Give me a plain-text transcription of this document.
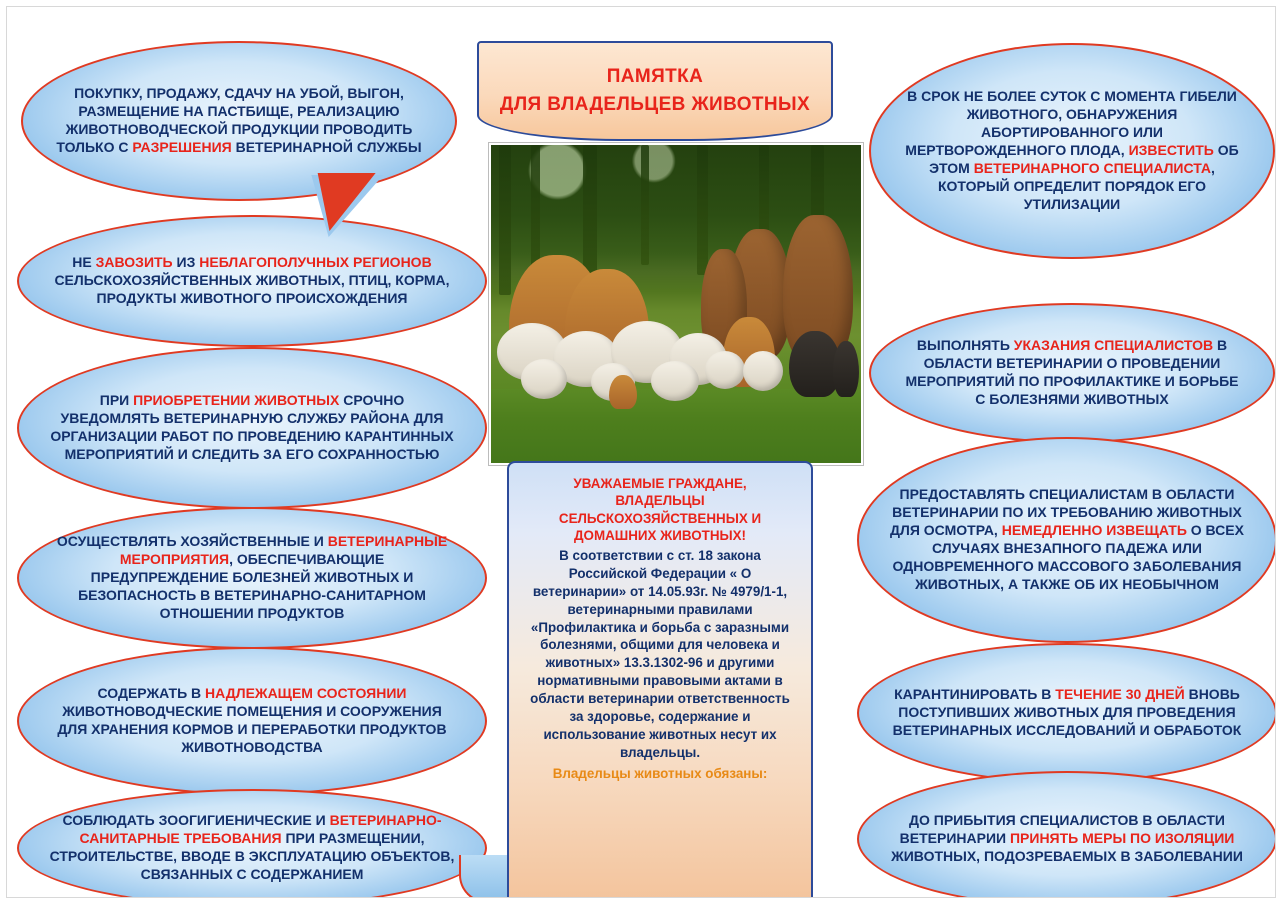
ПОКУПКУ, ПРОДАЖУ, СДАЧУ НА УБОЙ, ВЫГОН, РАЗМЕЩЕНИЕ НА ПАСТБИЩЕ, РЕАЛИЗАЦИЮ ЖИВОТНОВОДЧЕСКОЙ ПРОДУКЦИИ ПРОВОДИТЬ ТОЛЬКО С РАЗРЕШЕНИЯ ВЕТЕРИНАРНОЙ СЛУЖБЫ
НЕ ЗАВОЗИТЬ ИЗ НЕБЛАГОПОЛУЧНЫХ РЕГИОНОВ СЕЛЬСКОХОЗЯЙСТВЕННЫХ ЖИВОТНЫХ, ПТИЦ, КОРМА, ПРОДУКТЫ ЖИВОТНОГО ПРОИСХОЖДЕНИЯ
ПРИ ПРИОБРЕТЕНИИ ЖИВОТНЫХ СРОЧНО УВЕДОМЛЯТЬ ВЕТЕРИНАРНУЮ СЛУЖБУ РАЙОНА ДЛЯ ОРГАНИЗАЦИИ РАБОТ ПО ПРОВЕДЕНИЮ КАРАНТИННЫХ МЕРОПРИЯТИЙ И СЛЕДИТЬ ЗА ЕГО СОХРАННОСТЬЮ
ОСУЩЕСТВЛЯТЬ ХОЗЯЙСТВЕННЫЕ И ВЕТЕРИНАРНЫЕ МЕРОПРИЯТИЯ, ОБЕСПЕЧИВАЮЩИЕ ПРЕДУПРЕЖДЕНИЕ БОЛЕЗНЕЙ ЖИВОТНЫХ И БЕЗОПАСНОСТЬ В ВЕТЕРИНАРНО-САНИТАРНОМ ОТНОШЕНИИ ПРОДУКТОВ
СОДЕРЖАТЬ В НАДЛЕЖАЩЕМ СОСТОЯНИИ ЖИВОТНОВОДЧЕСКИЕ ПОМЕЩЕНИЯ И СООРУЖЕНИЯ ДЛЯ ХРАНЕНИЯ КОРМОВ И ПЕРЕРАБОТКИ ПРОДУКТОВ ЖИВОТНОВОДСТВА
СОБЛЮДАТЬ ЗООГИГИЕНИЧЕСКИЕ И ВЕТЕРИНАРНО-САНИТАРНЫЕ ТРЕБОВАНИЯ ПРИ РАЗМЕЩЕНИИ, СТРОИТЕЛЬСТВЕ, ВВОДЕ В ЭКСПЛУАТАЦИЮ ОБЪЕКТОВ, СВЯЗАННЫХ С СОДЕРЖАНИЕМ
ПАМЯТКА
ДЛЯ ВЛАДЕЛЬЦЕВ ЖИВОТНЫХ
УВАЖАЕМЫЕ ГРАЖДАНЕ,
ВЛАДЕЛЬЦЫ
СЕЛЬСКОХОЗЯЙСТВЕННЫХ И
ДОМАШНИХ ЖИВОТНЫХ!
В соответствии с ст. 18 закона Российской Федерации « О ветеринарии» от 14.05.93г. № 4979/1-1, ветеринарными правилами «Профилактика и борьба с заразными болезнями, общими для человека и животных» 13.3.1302-96 и другими нормативными правовыми актами в области ветеринарии ответственность за здоровье, содержание и использование животных несут их владельцы.
Владельцы животных обязаны:
В СРОК НЕ БОЛЕЕ СУТОК С МОМЕНТА ГИБЕЛИ ЖИВОТНОГО, ОБНАРУЖЕНИЯ АБОРТИРОВАННОГО ИЛИ МЕРТВОРОЖДЕННОГО ПЛОДА, ИЗВЕСТИТЬ ОБ ЭТОМ ВЕТЕРИНАРНОГО СПЕЦИАЛИСТА, КОТОРЫЙ ОПРЕДЕЛИТ ПОРЯДОК ЕГО УТИЛИЗАЦИИ
ВЫПОЛНЯТЬ УКАЗАНИЯ СПЕЦИАЛИСТОВ В ОБЛАСТИ ВЕТЕРИНАРИИ О ПРОВЕДЕНИИ МЕРОПРИЯТИЙ ПО ПРОФИЛАКТИКЕ И БОРЬБЕ С БОЛЕЗНЯМИ ЖИВОТНЫХ
ПРЕДОСТАВЛЯТЬ СПЕЦИАЛИСТАМ В ОБЛАСТИ ВЕТЕРИНАРИИ ПО ИХ ТРЕБОВАНИЮ ЖИВОТНЫХ ДЛЯ ОСМОТРА, НЕМЕДЛЕННО ИЗВЕЩАТЬ О ВСЕХ СЛУЧАЯХ ВНЕЗАПНОГО ПАДЕЖА ИЛИ ОДНОВРЕМЕННОГО МАССОВОГО ЗАБОЛЕВАНИЯ ЖИВОТНЫХ, А ТАКЖЕ ОБ ИХ НЕОБЫЧНОМ
КАРАНТИНИРОВАТЬ В ТЕЧЕНИЕ 30 ДНЕЙ ВНОВЬ ПОСТУПИВШИХ ЖИВОТНЫХ ДЛЯ ПРОВЕДЕНИЯ ВЕТЕРИНАРНЫХ ИССЛЕДОВАНИЙ И ОБРАБОТОК
ДО ПРИБЫТИЯ СПЕЦИАЛИСТОВ В ОБЛАСТИ ВЕТЕРИНАРИИ ПРИНЯТЬ МЕРЫ ПО ИЗОЛЯЦИИ ЖИВОТНЫХ, ПОДОЗРЕВАЕМЫХ В ЗАБОЛЕВАНИИ
